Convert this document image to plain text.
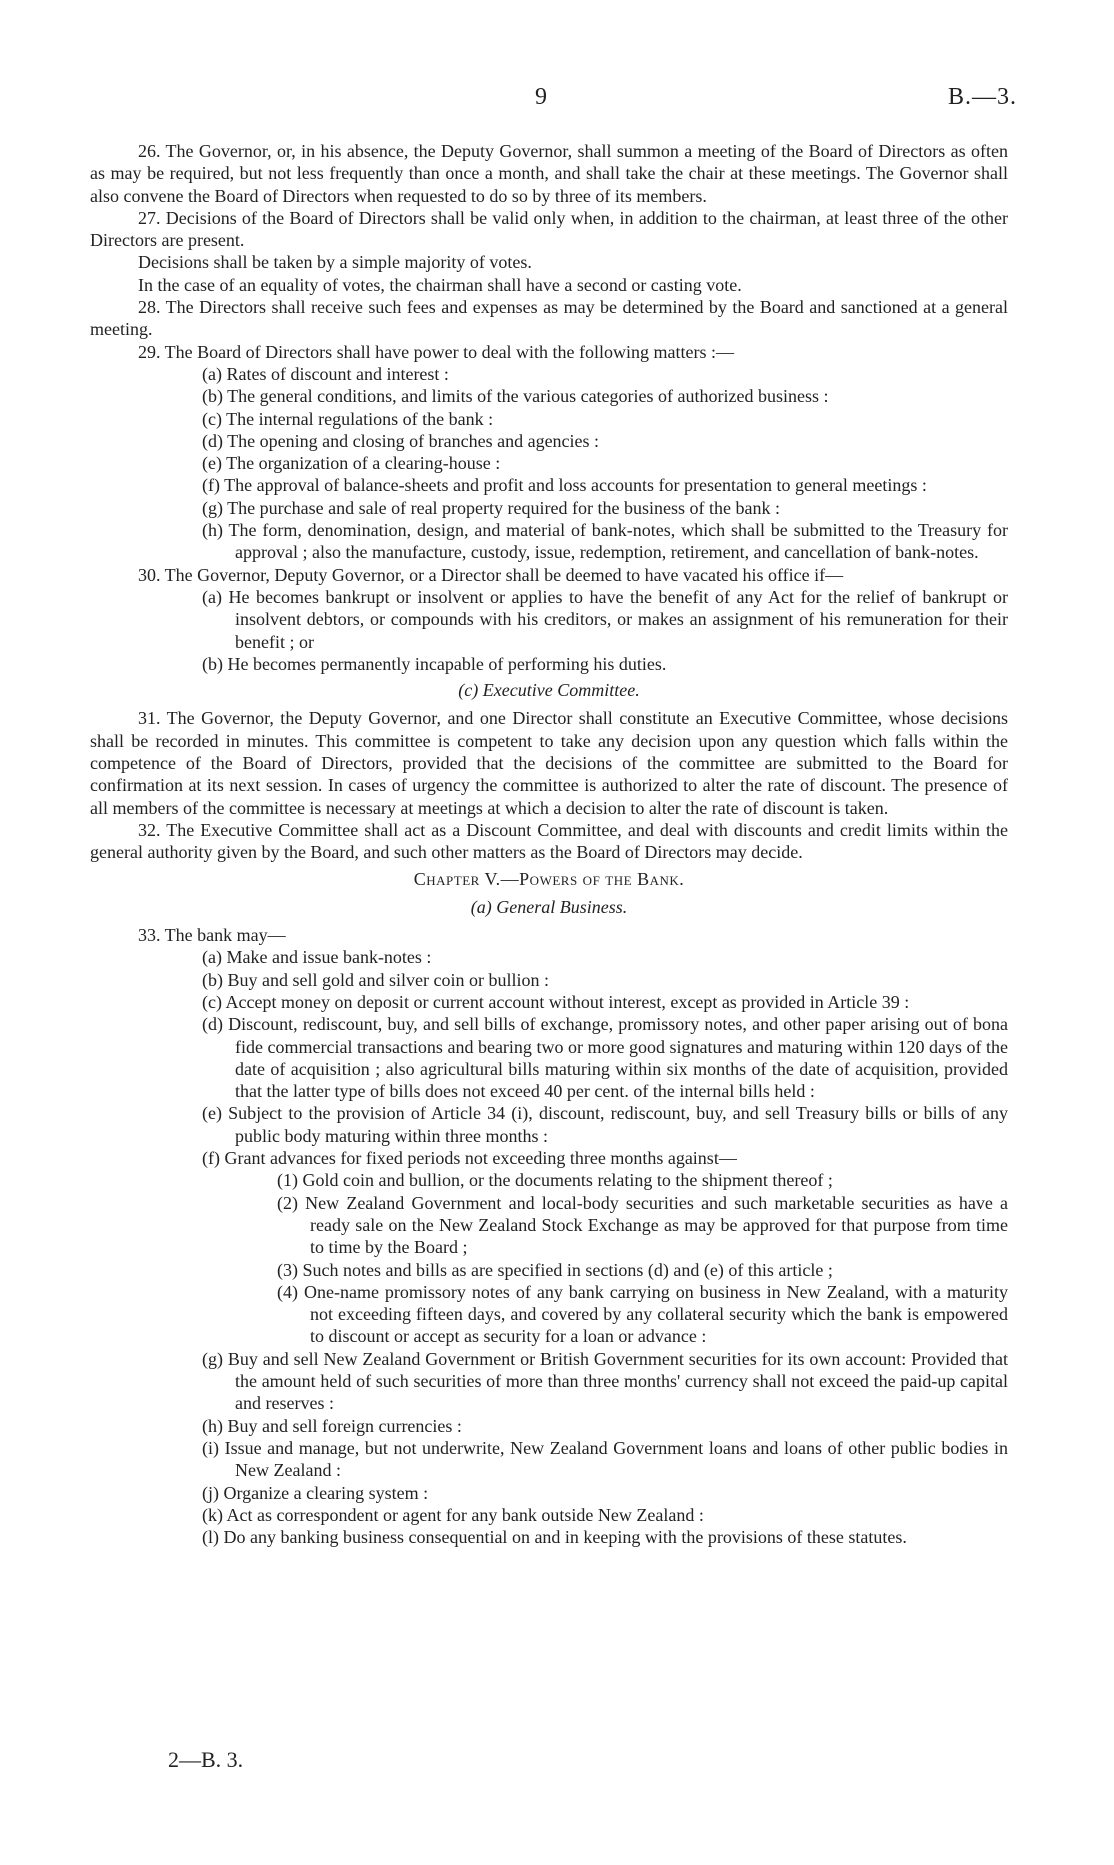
9	B.—3.

26. The Governor, or, in his absence, the Deputy Governor, shall summon a meeting of the Board of Directors as often as may be required, but not less frequently than once a month, and shall take the chair at these meetings. The Governor shall also convene the Board of Directors when requested to do so by three of its members.

27. Decisions of the Board of Directors shall be valid only when, in addition to the chairman, at least three of the other Directors are present.

Decisions shall be taken by a simple majority of votes.

In the case of an equality of votes, the chairman shall have a second or casting vote.

28. The Directors shall receive such fees and expenses as may be determined by the Board and sanctioned at a general meeting.

29. The Board of Directors shall have power to deal with the following matters :—

(a) Rates of discount and interest :

(b) The general conditions, and limits of the various categories of authorized business :

(c) The internal regulations of the bank :

(d) The opening and closing of branches and agencies :

(e) The organization of a clearing-house :

(f) The approval of balance-sheets and profit and loss accounts for presentation to general meetings :

(g) The purchase and sale of real property required for the business of the bank :

(h) The form, denomination, design, and material of bank-notes, which shall be submitted to the Treasury for approval ; also the manufacture, custody, issue, redemption, retirement, and cancellation of bank-notes.

30. The Governor, Deputy Governor, or a Director shall be deemed to have vacated his office if—

(a) He becomes bankrupt or insolvent or applies to have the benefit of any Act for the relief of bankrupt or insolvent debtors, or compounds with his creditors, or makes an assignment of his remuneration for their benefit ; or

(b) He becomes permanently incapable of performing his duties.

(c) Executive Committee.

31. The Governor, the Deputy Governor, and one Director shall constitute an Executive Committee, whose decisions shall be recorded in minutes. This committee is competent to take any decision upon any question which falls within the competence of the Board of Directors, provided that the decisions of the committee are submitted to the Board for confirmation at its next session. In cases of urgency the committee is authorized to alter the rate of discount. The presence of all members of the committee is necessary at meetings at which a decision to alter the rate of discount is taken.

32. The Executive Committee shall act as a Discount Committee, and deal with discounts and credit limits within the general authority given by the Board, and such other matters as the Board of Directors may decide.

Chapter V.—Powers of the Bank.

(a) General Business.

33. The bank may—

(a) Make and issue bank-notes :

(b) Buy and sell gold and silver coin or bullion :

(c) Accept money on deposit or current account without interest, except as provided in Article 39 :

(d) Discount, rediscount, buy, and sell bills of exchange, promissory notes, and other paper arising out of bona fide commercial transactions and bearing two or more good signatures and maturing within 120 days of the date of acquisition ; also agricultural bills maturing within six months of the date of acquisition, provided that the latter type of bills does not exceed 40 per cent. of the internal bills held :

(e) Subject to the provision of Article 34 (i), discount, rediscount, buy, and sell Treasury bills or bills of any public body maturing within three months :

(f) Grant advances for fixed periods not exceeding three months against—

(1) Gold coin and bullion, or the documents relating to the shipment thereof ;

(2) New Zealand Government and local-body securities and such marketable securities as have a ready sale on the New Zealand Stock Exchange as may be approved for that purpose from time to time by the Board ;

(3) Such notes and bills as are specified in sections (d) and (e) of this article ;

(4) One-name promissory notes of any bank carrying on business in New Zealand, with a maturity not exceeding fifteen days, and covered by any collateral security which the bank is empowered to discount or accept as security for a loan or advance :

(g) Buy and sell New Zealand Government or British Government securities for its own account: Provided that the amount held of such securities of more than three months' currency shall not exceed the paid-up capital and reserves :

(h) Buy and sell foreign currencies :

(i) Issue and manage, but not underwrite, New Zealand Government loans and loans of other public bodies in New Zealand :

(j) Organize a clearing system :

(k) Act as correspondent or agent for any bank outside New Zealand :

(l) Do any banking business consequential on and in keeping with the provisions of these statutes.

2—B. 3.
